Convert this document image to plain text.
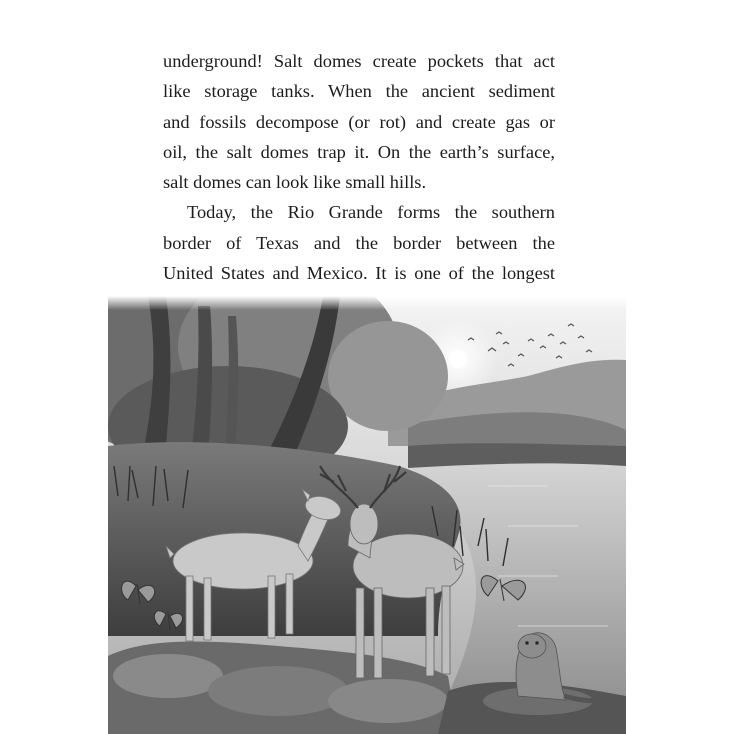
underground! Salt domes create pockets that act
like storage tanks. When the ancient sediment
and fossils decompose (or rot) and create gas or
oil, the salt domes trap it. On the earth’s surface,
salt domes can look like small hills.

Today, the Rio Grande forms the southern
border of Texas and the border between the
United States and Mexico. It is one of the longest
